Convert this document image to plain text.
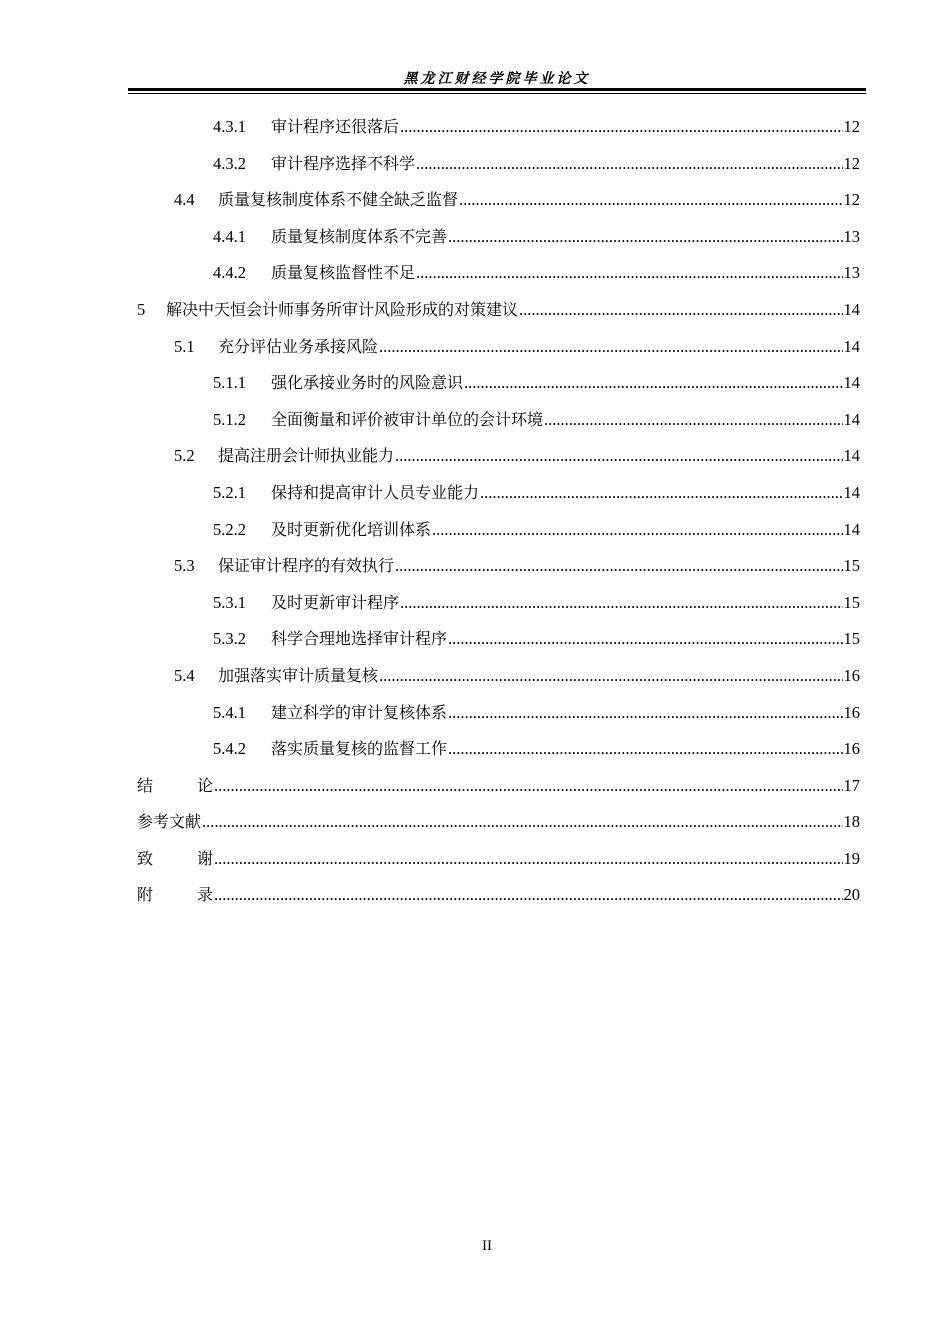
黑龙江财经学院毕业论文
4.3.1	审计程序还很落后 .....	12
4.3.2	审计程序选择不科学 .....	12
4.4	质量复核制度体系不健全缺乏监督 .....	12
4.4.1	质量复核制度体系不完善 .....	13
4.4.2	质量复核监督性不足 .....	13
5	解决中天恒会计师事务所审计风险形成的对策建议 .....	14
5.1	充分评估业务承接风险 .....	14
5.1.1	强化承接业务时的风险意识 .....	14
5.1.2	全面衡量和评价被审计单位的会计环境 .....	14
5.2	提高注册会计师执业能力 .....	14
5.2.1	保持和提高审计人员专业能力 .....	14
5.2.2	及时更新优化培训体系 .....	14
5.3	保证审计程序的有效执行 .....	15
5.3.1	及时更新审计程序 .....	15
5.3.2	科学合理地选择审计程序 .....	15
5.4	加强落实审计质量复核 .....	16
5.4.1	建立科学的审计复核体系 .....	16
5.4.2	落实质量复核的监督工作 .....	16
结	论 .....	17
参考文献 .....	18
致	谢 .....	19
附	录 .....	20
II
